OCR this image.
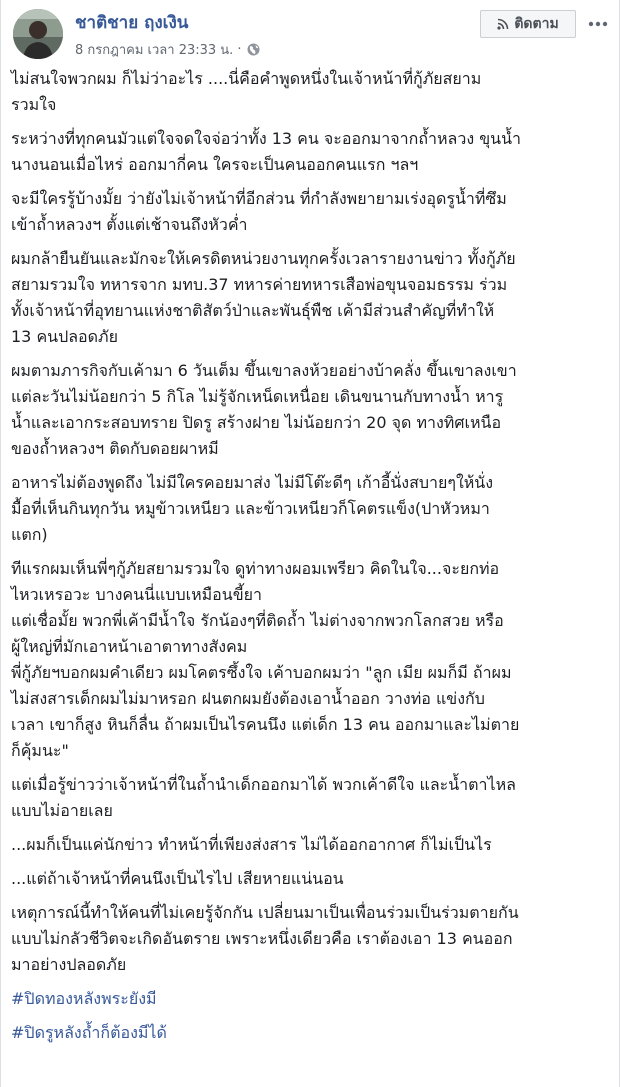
ชาติชาย ฤงเงิน
8 กรกฎาคม เวลา 23:33 น. ·
ติดตาม

ไม่สนใจพวกผม ก็ไม่ว่าอะไร ....นี่คือคำพูดหนึ่งในเจ้าหน้าที่กู้ภัยสยาม
รวมใจ

ระหว่างที่ทุกคนมัวแต่ใจจดใจจ่อว่าทั้ง 13 คน จะออกมาจากถ้ำหลวง ขุนน้ำ
นางนอนเมื่อไหร่ ออกมากี่คน ใครจะเป็นคนออกคนแรก ฯลฯ

จะมีใครรู้บ้างมั้ย ว่ายังไม่เจ้าหน้าที่อีกส่วน ที่กำลังพยายามเร่งอุดรูน้ำที่ซึม
เข้าถ้ำหลวงฯ ตั้งแต่เช้าจนถึงหัวค่ำ

ผมกล้ายืนยันและมักจะให้เครดิตหน่วยงานทุกครั้งเวลารายงานข่าว ทั้งกู้ภัย
สยามรวมใจ ทหารจาก มทบ.37 ทหารค่ายทหารเสือพ่อขุนจอมธรรม ร่วม
ทั้งเจ้าหน้าที่อุทยานแห่งชาติสัตว์ป่าและพันธุ์พืช เค้ามีส่วนสำคัญที่ทำให้
13 คนปลอดภัย

ผมตามภารกิจกับเค้ามา 6 วันเต็ม ขึ้นเขาลงห้วยอย่างบ้าคลั่ง ขึ้นเขาลงเขา
แต่ละวันไม่น้อยกว่า 5 กิโล ไม่รู้จักเหน็ดเหนื่อย เดินขนานกับทางน้ำ หารู
น้ำและเอากระสอบทราย ปิดรู สร้างฝาย ไม่น้อยกว่า 20 จุด ทางทิศเหนือ
ของถ้ำหลวงฯ ติดกับดอยผาหมี

อาหารไม่ต้องพูดถึง ไม่มีใครคอยมาส่ง ไม่มีโต๊ะดีๆ เก้าอี้นั่งสบายๆให้นั่ง
มื้อที่เห็นกินทุกวัน หมูข้าวเหนียว และข้าวเหนียวก็โคตรแข็ง(ปาหัวหมา
แตก)

ทีแรกผมเห็นพี่ๆกู้ภัยสยามรวมใจ ดูท่าทางผอมเพรียว คิดในใจ...จะยกท่อ
ไหวเหรอวะ บางคนนี่แบบเหมือนขี้ยา
แต่เชื่อมั้ย พวกพี่เค้ามีน้ำใจ รักน้องๆที่ติดถ้ำ ไม่ต่างจากพวกโลกสวย หรือ
ผู้ใหญ่ที่มักเอาหน้าเอาตาทางสังคม
พี่กู้ภัยฯบอกผมคำเดียว ผมโคตรซึ้งใจ เค้าบอกผมว่า "ลูก เมีย ผมก็มี ถ้าผม
ไม่สงสารเด็กผมไม่มาหรอก ฝนตกผมยังต้องเอาน้ำออก วางท่อ แข่งกับ
เวลา เขาก็สูง หินก็ลื่น ถ้าผมเป็นไรคนนึง แต่เด็ก 13 คน ออกมาและไม่ตาย
ก็คุ้มนะ"

แต่เมื่อรู้ข่าวว่าเจ้าหน้าที่ในถ้ำนำเด็กออกมาได้ พวกเค้าดีใจ และน้ำตาไหล
แบบไม่อายเลย

...ผมก็เป็นแค่นักข่าว ทำหน้าที่เพียงส่งสาร ไม่ได้ออกอากาศ ก็ไม่เป็นไร

...แต่ถ้าเจ้าหน้าที่คนนึงเป็นไรไป เสียหายแน่นอน

เหตุการณ์นี้ทำให้คนที่ไม่เคยรู้จักกัน เปลี่ยนมาเป็นเพื่อนร่วมเป็นร่วมตายกัน
แบบไม่กลัวชีวิตจะเกิดอันตราย เพราะหนึ่งเดียวคือ เราต้องเอา 13 คนออก
มาอย่างปลอดภัย

#ปิดทองหลังพระยังมี

#ปิดรูหลังถ้ำก็ต้องมีได้
